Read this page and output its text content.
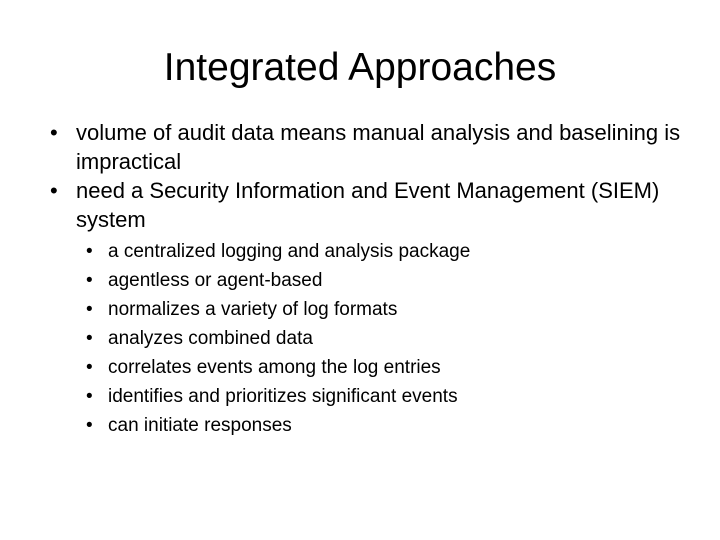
Integrated Approaches

• volume of audit data means manual analysis and baselining is impractical

• need a Security Information and Event Management (SIEM) system

• a centralized logging and analysis package

• agentless or agent-based

• normalizes a variety of log formats

• analyzes combined data

• correlates events among the log entries

• identifies and prioritizes significant events

• can initiate responses
